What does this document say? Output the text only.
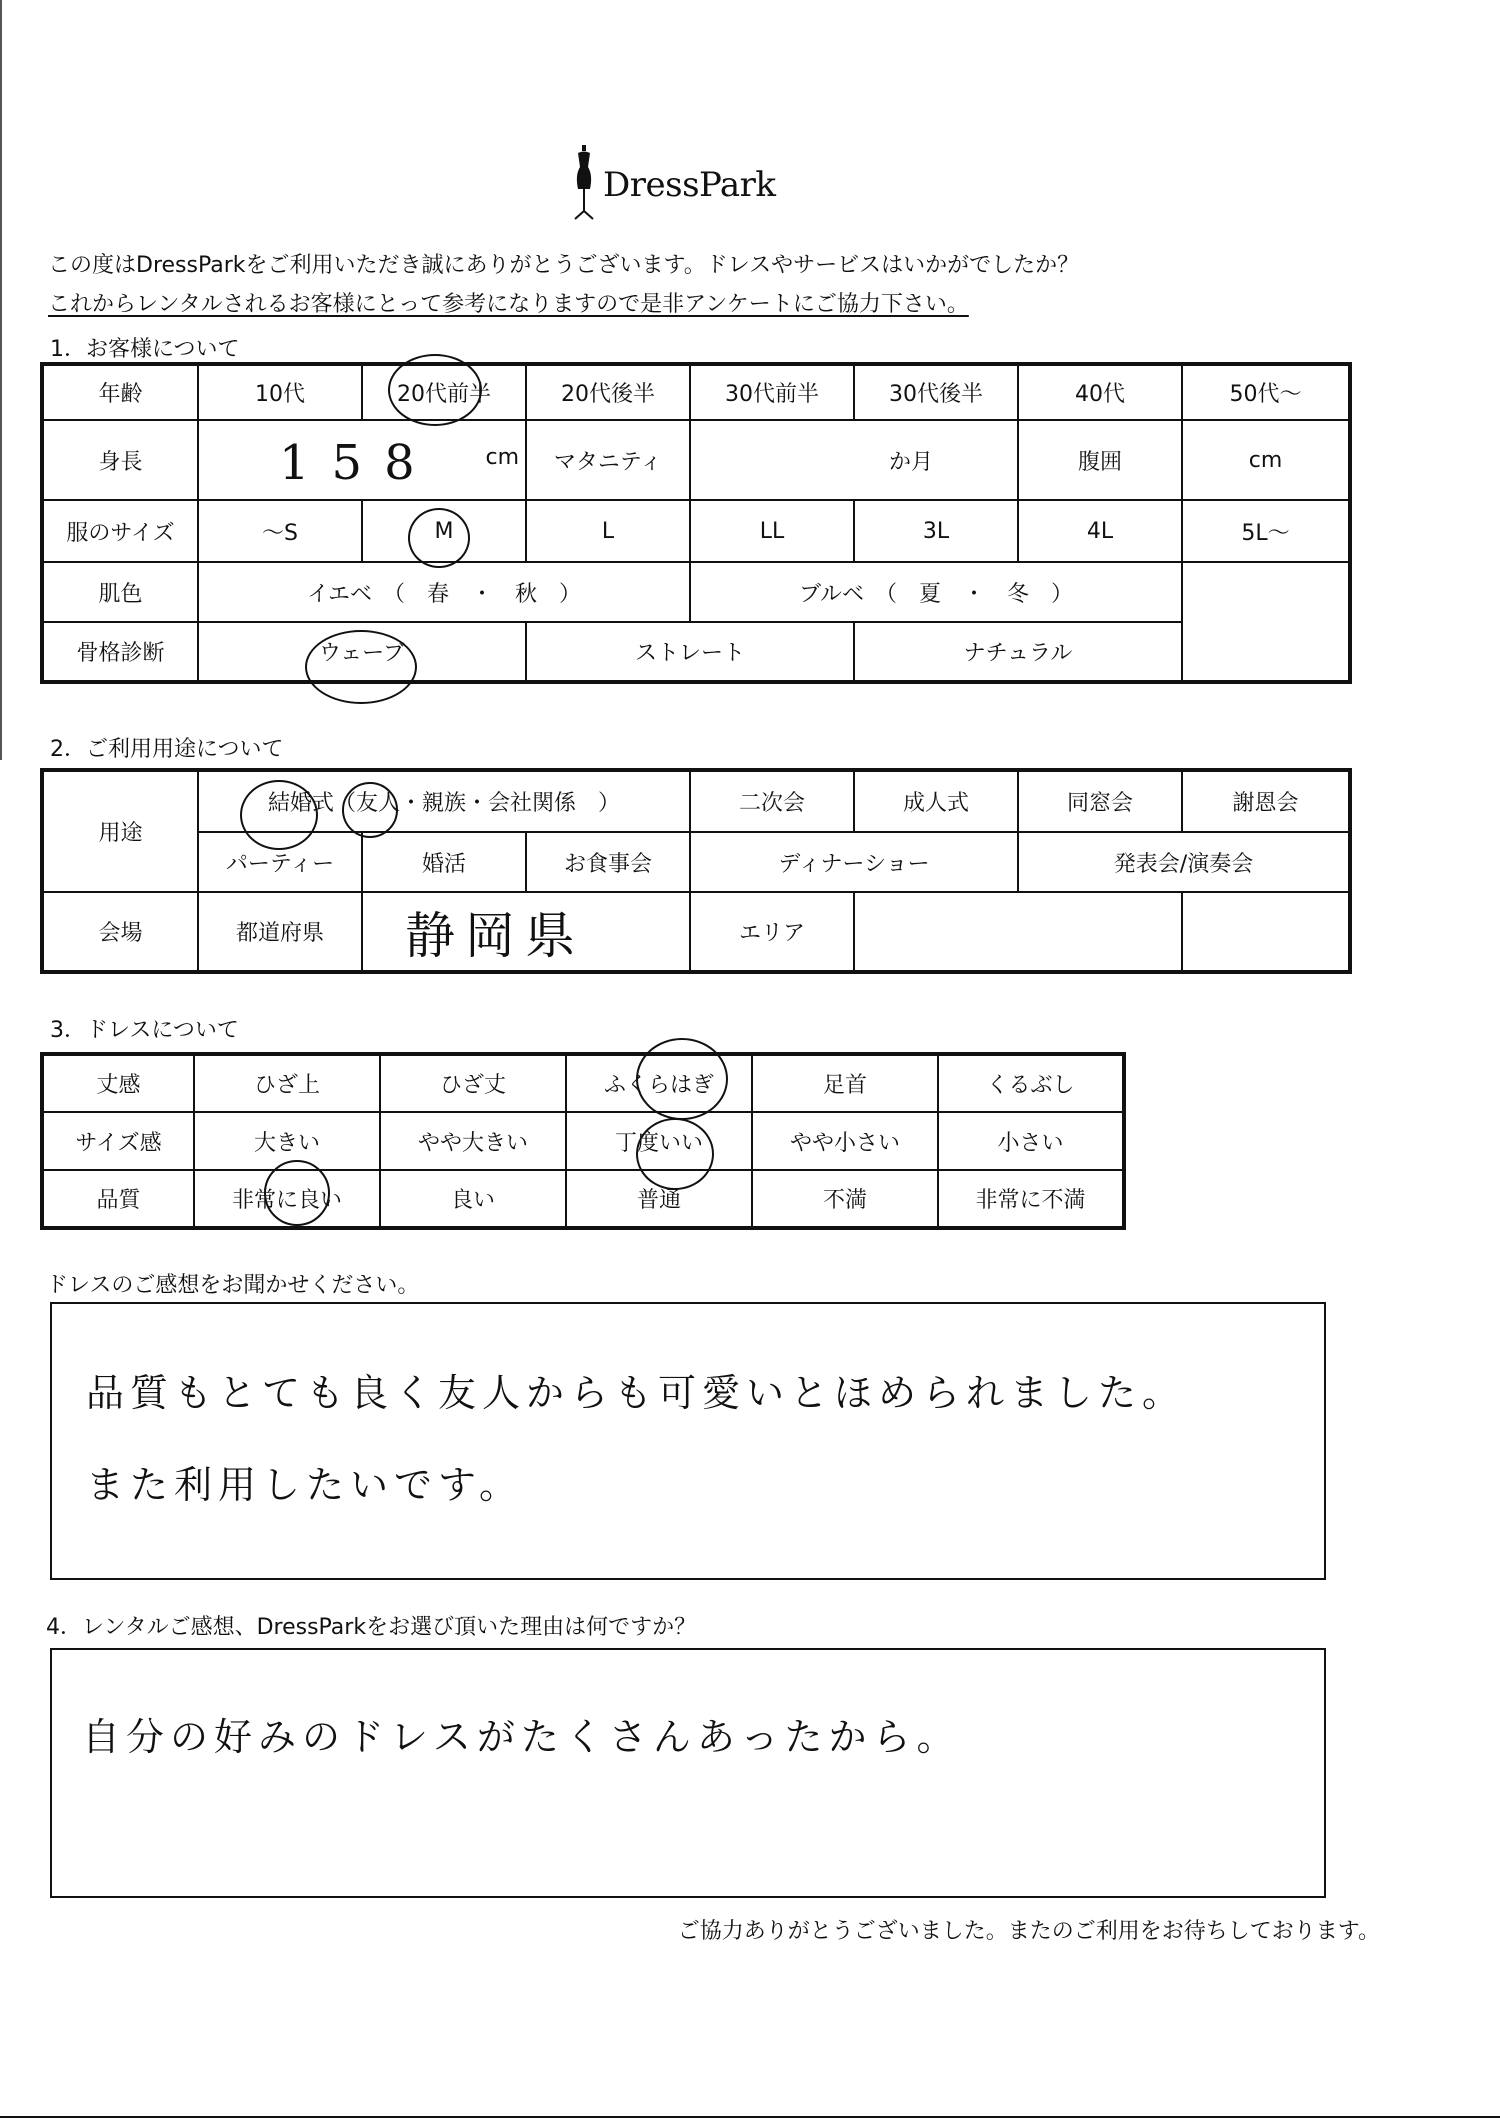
DressPark
この度はDressParkをご利用いただき誠にありがとうございます。ドレスやサービスはいかがでしたか？
これからレンタルされるお客様にとって参考になりますので是非アンケートにご協力下さい。
1．お客様について
年齢	10代	20代前半	20代後半	30代前半	30代後半	40代	50代～
身長	158 cm		マタニティ	か月		腹囲	cm
服のサイズ	～S	M	L	LL	3L	4L	5L～
肌色	イエベ　（　春　・　秋　）			ブルベ　（　夏　・　冬　）			
骨格診断	ウェーブ		ストレート		ナチュラル		
2．ご利用用途について
用途	結婚式（友人・親族・会社関係　）			二次会	成人式	同窓会	謝恩会
	パーティー	婚活	お食事会	ディナーショー		発表会/演奏会	
会場	都道府県	静岡県		エリア			
3．ドレスについて
丈感	ひざ上	ひざ丈	ふくらはぎ	足首	くるぶし
サイズ感	大きい	やや大きい	丁度いい	やや小さい	小さい
品質	非常に良い	良い	普通	不満	非常に不満
ドレスのご感想をお聞かせください。
品質もとても良く友人からも可愛いとほめられました。
また利用したいです。
4．レンタルご感想、DressParkをお選び頂いた理由は何ですか？
自分の好みのドレスがたくさんあったから。
ご協力ありがとうございました。またのご利用をお待ちしております。
